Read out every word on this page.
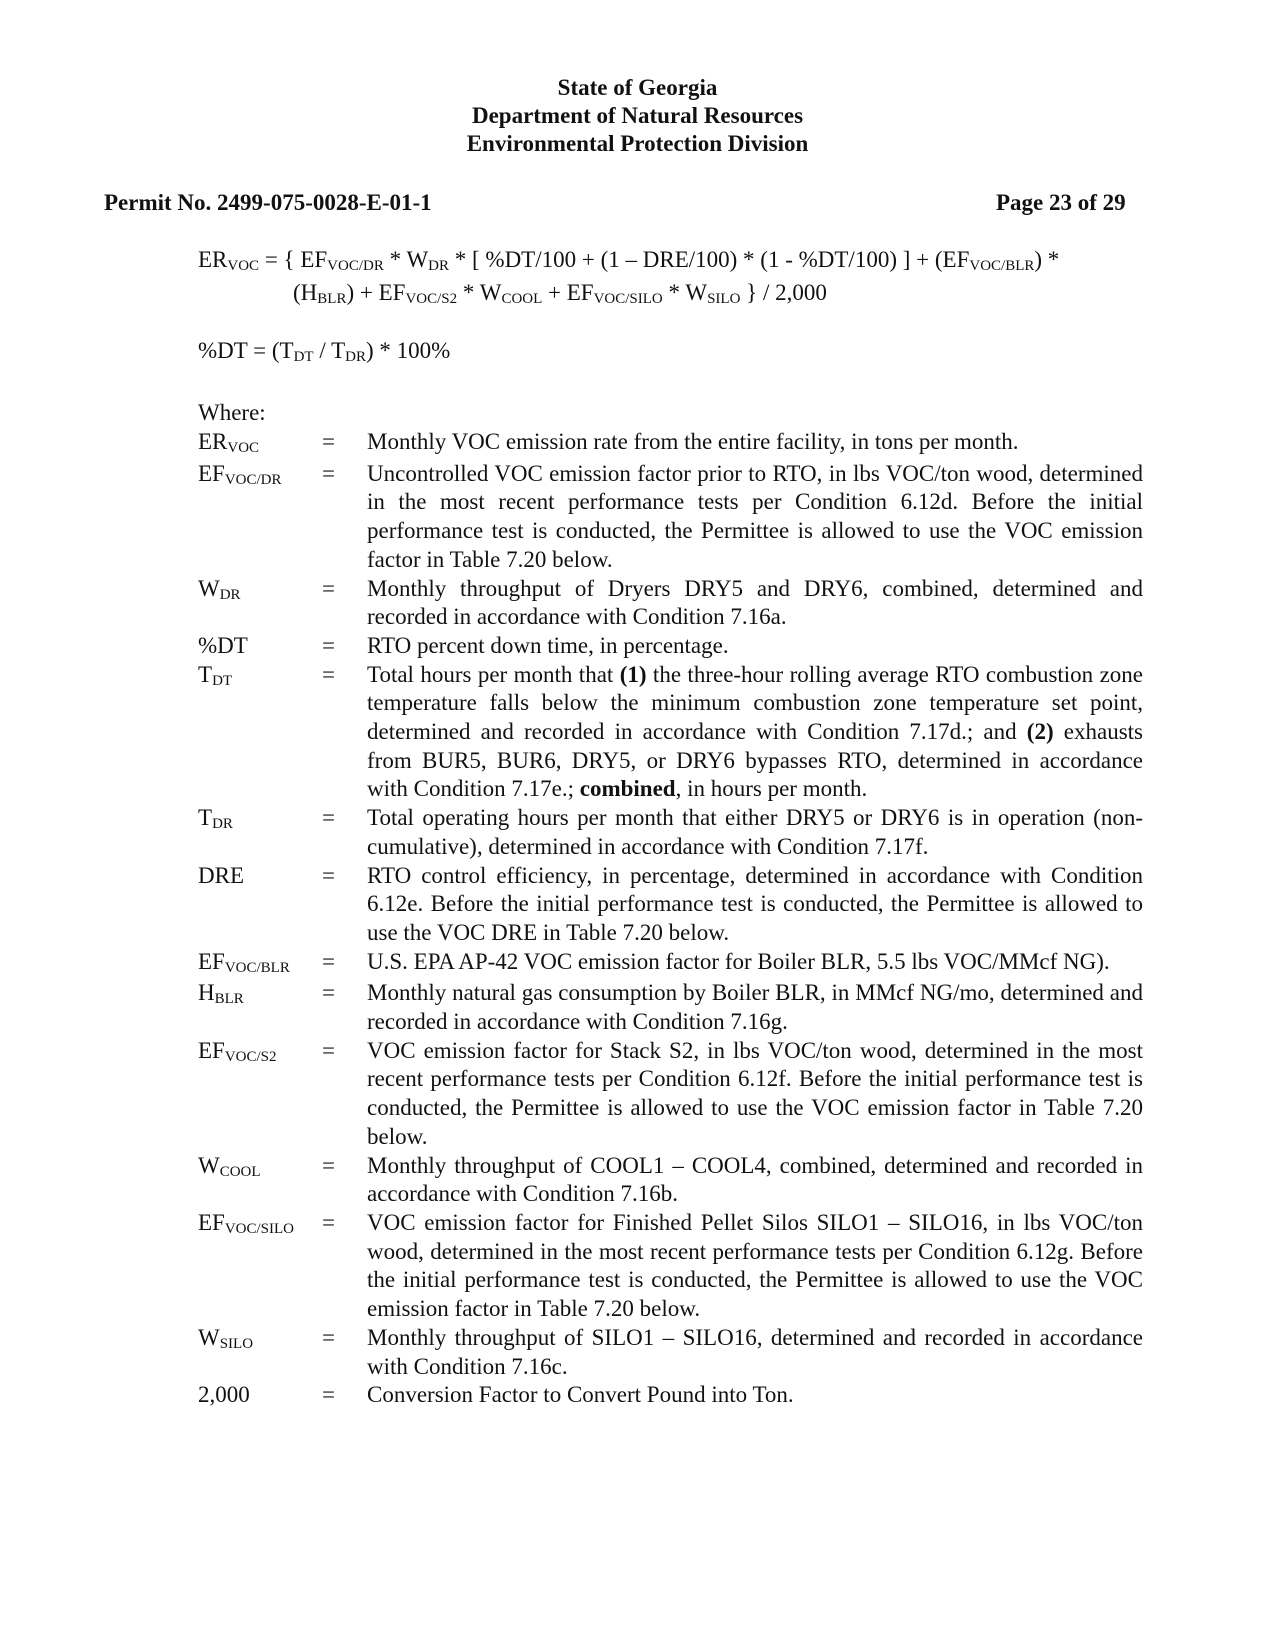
State of Georgia
Department of Natural Resources
Environmental Protection Division
Permit No. 2499-075-0028-E-01-1	Page 23 of 29
$ER_{VOC}$ = { $EF_{VOC/DR} * W_{DR}$ * [ %DT/100 + (1 – DRE/100) * (1 - %DT/100) ] + $(EF_{VOC/BLR})$ *
$(H_{BLR}) + EF_{VOC/S2} * W_{COOL} + EF_{VOC/SILO} * W_{SILO}$ } / 2,000
$\%DT = (T_{DT} / T_{DR}) * 100\%$
Where:
$ER_{VOC}$	=	Monthly VOC emission rate from the entire facility, in tons per month.
$EF_{VOC/DR}$	=	Uncontrolled VOC emission factor prior to RTO, in lbs VOC/ton wood, determined in the most recent performance tests per Condition 6.12d. Before the initial performance test is conducted, the Permittee is allowed to use the VOC emission factor in Table 7.20 below.
$W_{DR}$	=	Monthly throughput of Dryers DRY5 and DRY6, combined, determined and recorded in accordance with Condition 7.16a.
%DT	=	RTO percent down time, in percentage.
$T_{DT}$	=	Total hours per month that (1) the three-hour rolling average RTO combustion zone temperature falls below the minimum combustion zone temperature set point, determined and recorded in accordance with Condition 7.17d.; and (2) exhausts from BUR5, BUR6, DRY5, or DRY6 bypasses RTO, determined in accordance with Condition 7.17e.; combined, in hours per month.
$T_{DR}$	=	Total operating hours per month that either DRY5 or DRY6 is in operation (non-cumulative), determined in accordance with Condition 7.17f.
DRE	=	RTO control efficiency, in percentage, determined in accordance with Condition 6.12e. Before the initial performance test is conducted, the Permittee is allowed to use the VOC DRE in Table 7.20 below.
$EF_{VOC/BLR}$	=	U.S. EPA AP-42 VOC emission factor for Boiler BLR, 5.5 lbs VOC/MMcf NG).
$H_{BLR}$	=	Monthly natural gas consumption by Boiler BLR, in MMcf NG/mo, determined and recorded in accordance with Condition 7.16g.
$EF_{VOC/S2}$	=	VOC emission factor for Stack S2, in lbs VOC/ton wood, determined in the most recent performance tests per Condition 6.12f. Before the initial performance test is conducted, the Permittee is allowed to use the VOC emission factor in Table 7.20 below.
$W_{COOL}$	=	Monthly throughput of COOL1 – COOL4, combined, determined and recorded in accordance with Condition 7.16b.
$EF_{VOC/SILO}$	=	VOC emission factor for Finished Pellet Silos SILO1 – SILO16, in lbs VOC/ton wood, determined in the most recent performance tests per Condition 6.12g. Before the initial performance test is conducted, the Permittee is allowed to use the VOC emission factor in Table 7.20 below.
$W_{SILO}$	=	Monthly throughput of SILO1 – SILO16, determined and recorded in accordance with Condition 7.16c.
2,000	=	Conversion Factor to Convert Pound into Ton.
